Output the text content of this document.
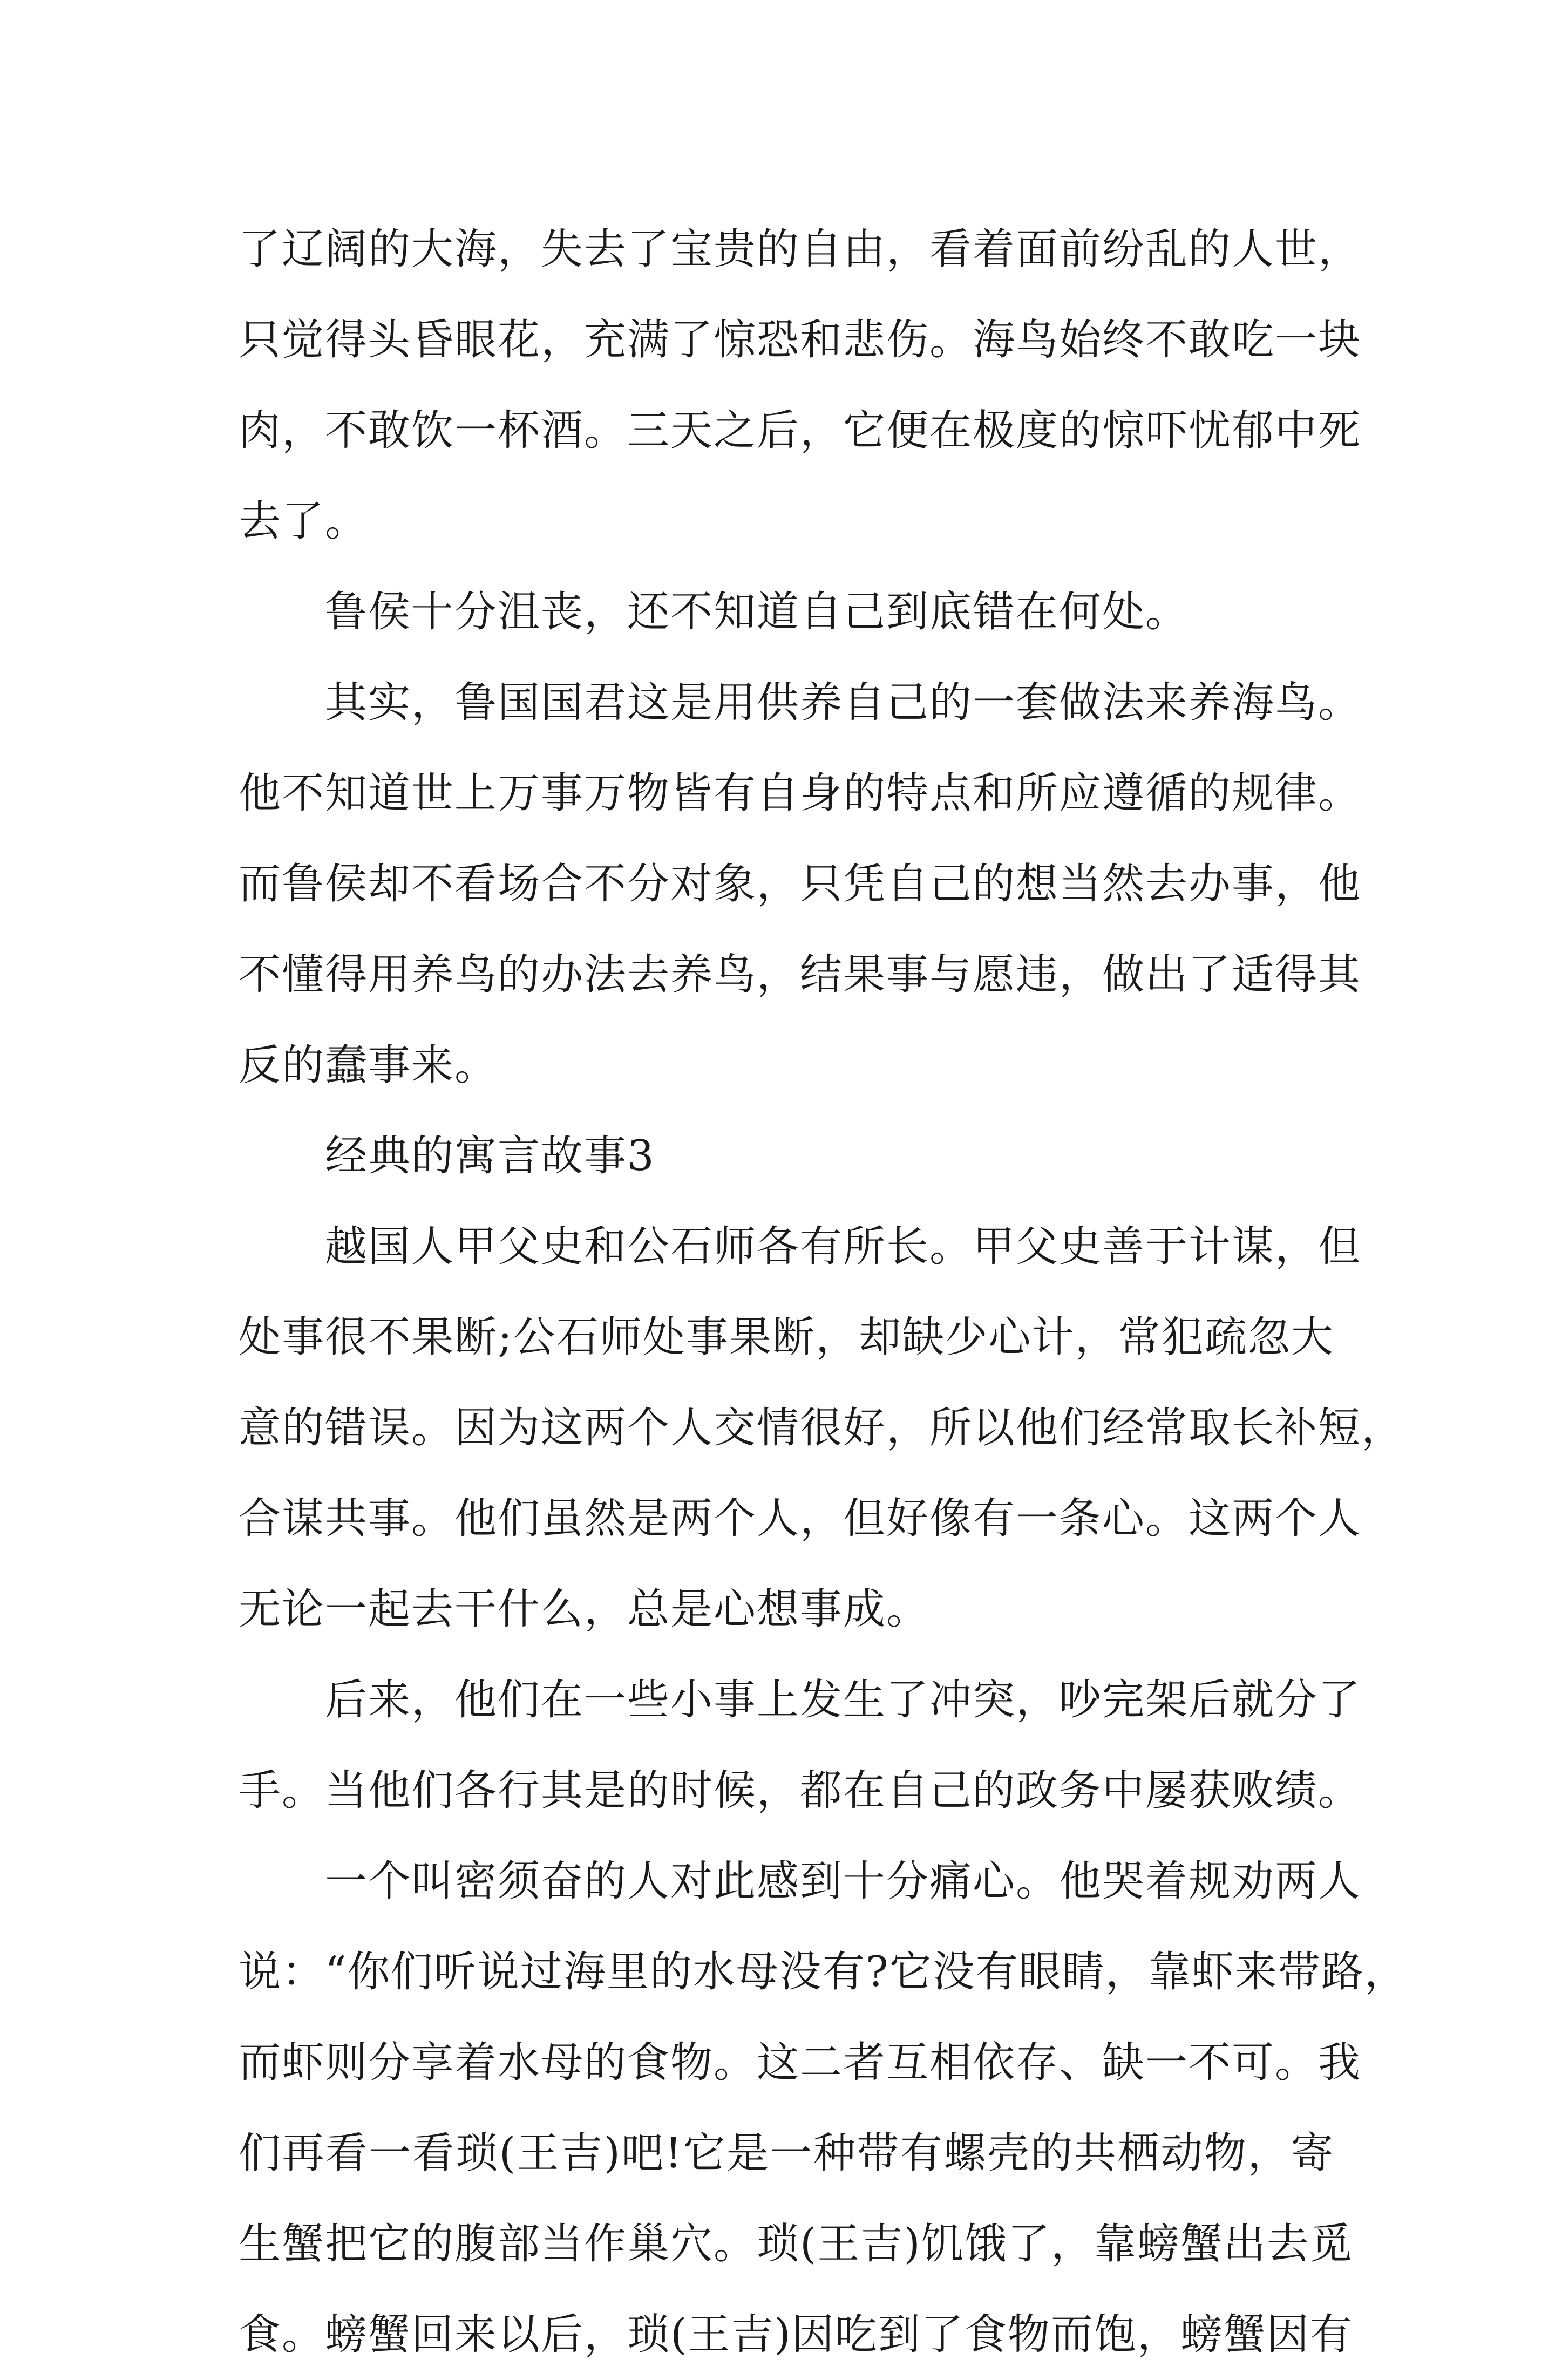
了辽阔的大海，失去了宝贵的自由，看着面前纷乱的人世，
只觉得头昏眼花，充满了惊恐和悲伤。海鸟始终不敢吃一块
肉，不敢饮一杯酒。三天之后，它便在极度的惊吓忧郁中死
去了。
鲁侯十分沮丧，还不知道自己到底错在何处。
其实，鲁国国君这是用供养自己的一套做法来养海鸟。
他不知道世上万事万物皆有自身的特点和所应遵循的规律。
而鲁侯却不看场合不分对象，只凭自己的想当然去办事，他
不懂得用养鸟的办法去养鸟，结果事与愿违，做出了适得其
反的蠢事来。
经典的寓言故事3
越国人甲父史和公石师各有所长。甲父史善于计谋，但
处事很不果断;公石师处事果断，却缺少心计，常犯疏忽大
意的错误。因为这两个人交情很好，所以他们经常取长补短，
合谋共事。他们虽然是两个人，但好像有一条心。这两个人
无论一起去干什么，总是心想事成。
后来，他们在一些小事上发生了冲突，吵完架后就分了
手。当他们各行其是的时候，都在自己的政务中屡获败绩。
一个叫密须奋的人对此感到十分痛心。他哭着规劝两人
说：“你们听说过海里的水母没有?它没有眼睛，靠虾来带路，
而虾则分享着水母的食物。这二者互相依存、缺一不可。我
们再看一看琐(王吉)吧!它是一种带有螺壳的共栖动物，寄
生蟹把它的腹部当作巢穴。琐(王吉)饥饿了，靠螃蟹出去觅
食。螃蟹回来以后，琐(王吉)因吃到了食物而饱，螃蟹因有
